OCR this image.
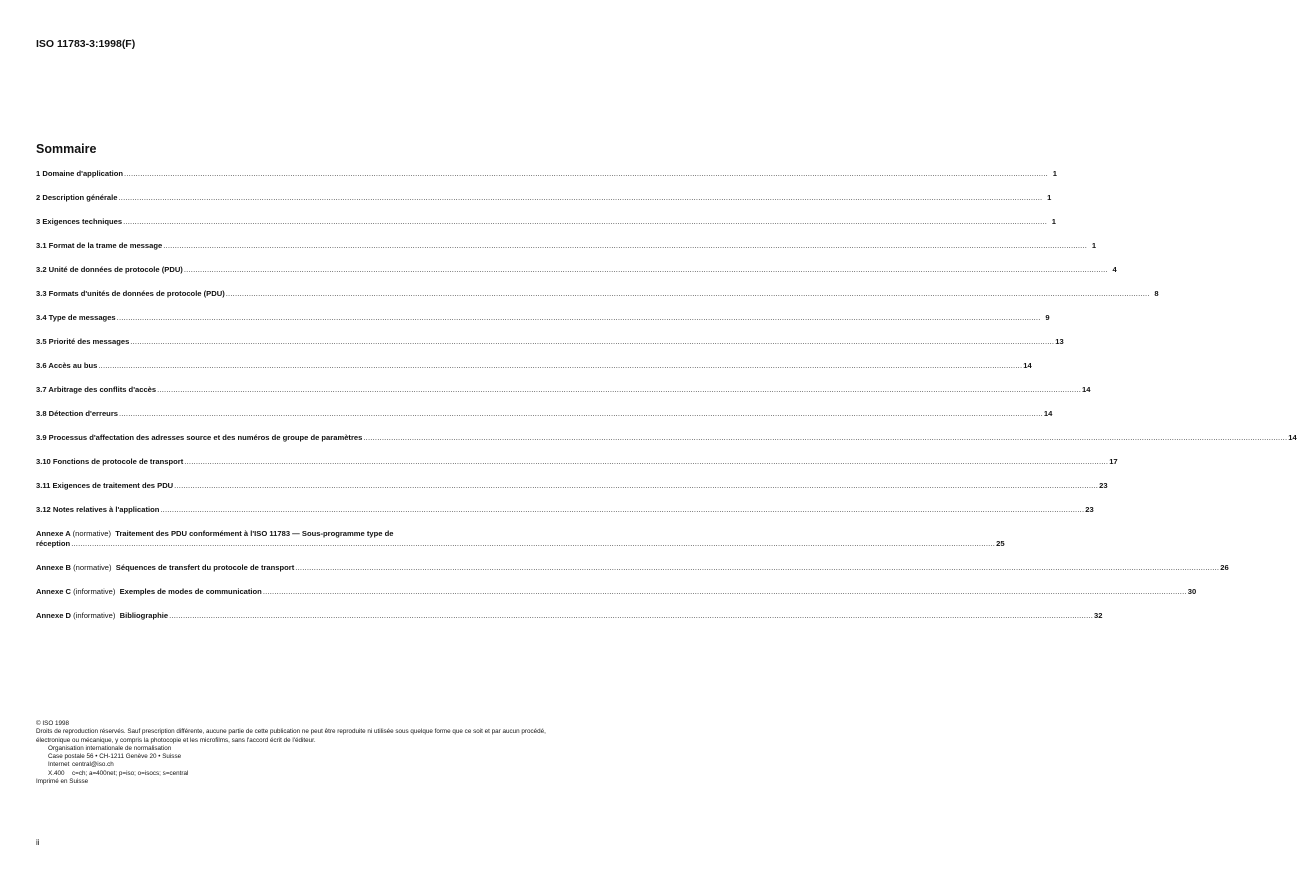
ISO 11783-3:1998(F)
Sommaire
1 Domaine d'application ................................................................................................................................................................................................................................................................................................................................................................................................................ 1
2 Description générale ................................................................................................................................................................................................................................................................................................................................................................................................................ 1
3 Exigences techniques ................................................................................................................................................................................................................................................................................................................................................................................................................ 1
3.1 Format de la trame de message ................................................................................................................................................................................................................................................................................................................................................................................................................ 1
3.2 Unité de données de protocole (PDU) ................................................................................................................................................................................................................................................................................................................................................................................................................ 4
3.3 Formats d'unités de données de protocole (PDU) ................................................................................................................................................................................................................................................................................................................................................................................................................ 8
3.4 Type de messages ................................................................................................................................................................................................................................................................................................................................................................................................................ 9
3.5 Priorité des messages ................................................................................................................................................................................................................................................................................................................................................................................................................ 13
3.6 Accès au bus ................................................................................................................................................................................................................................................................................................................................................................................................................ 14
3.7 Arbitrage des conflits d'accès ................................................................................................................................................................................................................................................................................................................................................................................................................ 14
3.8 Détection d'erreurs ................................................................................................................................................................................................................................................................................................................................................................................................................ 14
3.9 Processus d'affectation des adresses source et des numéros de groupe de paramètres ................................................................................................................................................................................................................................................................................................................................................................................................................ 14
3.10 Fonctions de protocole de transport ................................................................................................................................................................................................................................................................................................................................................................................................................ 17
3.11 Exigences de traitement des PDU ................................................................................................................................................................................................................................................................................................................................................................................................................ 23
3.12 Notes relatives à l'application ................................................................................................................................................................................................................................................................................................................................................................................................................ 23
Annexe A (normative) Traitement des PDU conformément à l'ISO 11783 — Sous-programme type de
réception ................................................................................................................................................................................................................................................................................................................................................................................................................ 25
Annexe B (normative) Séquences de transfert du protocole de transport ................................................................................................................................................................................................................................................................................................................................................................................................................ 26
Annexe C (informative) Exemples de modes de communication ................................................................................................................................................................................................................................................................................................................................................................................................................ 30
Annexe D (informative) Bibliographie ................................................................................................................................................................................................................................................................................................................................................................................................................ 32
© ISO 1998
Droits de reproduction réservés. Sauf prescription différente, aucune partie de cette publication ne peut être reproduite ni utilisée sous quelque forme que ce soit et par aucun procédé, électronique ou mécanique, y compris la photocopie et les microfilms, sans l'accord écrit de l'éditeur.
Organisation internationale de normalisation
Case postale 56 • CH-1211 Genève 20 • Suisse
Internet central@iso.ch
X.400 c=ch; a=400net; p=iso; o=isocs; s=central
Imprimé en Suisse
ii
